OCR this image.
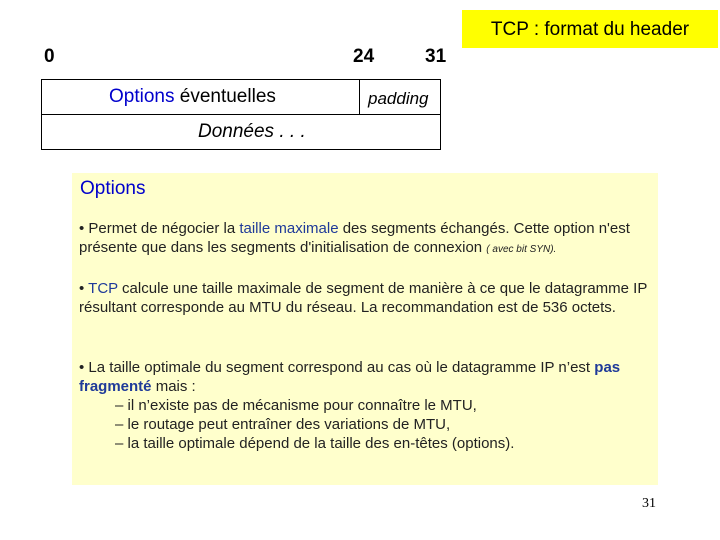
TCP : format du header
0	24	31
Options éventuelles	padding
Données . . .
Options
• Permet de négocier la taille maximale des segments échangés. Cette option n'est présente que dans les segments d'initialisation de connexion ( avec bit SYN).
• TCP calcule une taille maximale de segment de manière à ce que le datagramme IP résultant corresponde au MTU du réseau. La recommandation est de 536 octets.
• La taille optimale du segment correspond au cas où le datagramme IP n’est pas fragmenté mais :
– il n’existe pas de mécanisme pour connaître le MTU,
– le routage peut entraîner des variations de MTU,
– la taille optimale dépend de la taille des en-têtes (options).
31
